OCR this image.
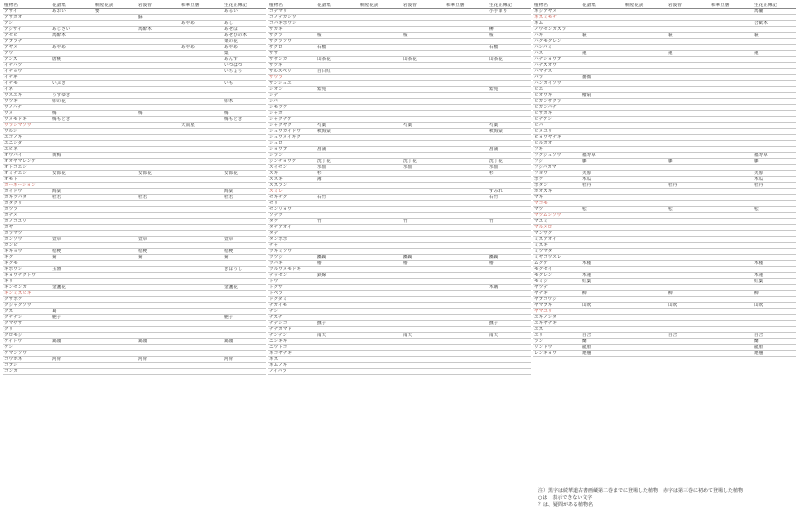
植物名	花譜集	桐屋花訣	岩波曾	和華旦膳	生花正傳記
アサイ	あおい	要			あるい
アサガオ			蘇		
アシ				あやめ	あし
アジサイ	あじさい		馬酔木		あせぼ
アセビ	馬酔木				あせびの木
アブラナ					菜の花
アヤメ	あやめ			あやめ	あやめ
アワ					粟
アンズ	唐桃				あんず
イチハツ					いつはつ
イチョウ					いちょう
イチヰ					
イチモ	いぶき				いも
イネ					
ウスユキ	うすゆき				
ウツギ	卯の花				卯木
ウノハナ					
ウメ	梅		梅		梅
ウメモドキ	梅もどき				梅もどき
ウラシマソウ				天南星	
ウルシ					
エゴノキ					
エニシダ					
エビネ					
オウバイ	黄梅				
オオヤマレンゲ					
オトコエシ					
オミナエシ	女郎花		女郎花		女郎花
オモト					
カーネーション					
カイドウ	海棠				海棠
カキツバタ	杜若		杜若		杜若
カタクリ					
カツラ					
カナメ					
カノコユリ					
カヤ					
カラマツ					
カンゾウ	萱草		萱草		萱草
ガンピ					
キキョウ	桔梗		桔梗		桔梗
キク	菊		菊		菊
キクモ					
ギボウシ	玉簪				ぎぼうし
キョウチクトウ					
キリ					
キンセンカ	金盞花				金盞花
キンミズヒキ					
クサボケ					
クジャクソウ					
クズ	葛				
クチナシ	梔子				梔子
クマザサ					
クリ					
クロモジ					
ケイトウ	鶏頭		鶏頭		鶏頭
ケシ					
ケマンソウ					
コウホネ	河骨		河骨		河骨
コブシ					
ゴンカ					
植物名	花譜集	桐屋花訣	岩波曾	和華旦膳	生花正傳記
コデマリ					小手まり
コノテガシワ					
コバギボウシ					
サカキ					榊
サクラ	桜		桜		桜
サクラソウ					
ザクロ	石榴				石榴
ササ					
サザンカ	山茶花		山茶花		山茶花
サツキ					
サルスベリ	百日紅				
サワラ					
サンシュユ					
シオン	紫苑				紫苑
シデ					
シバ					
シモツケ					
シャガ					
シャクナゲ					
シャクヤク	芍薬		芍薬		芍薬
シュウカイドウ	秋海棠				秋海棠
シュウメイギク					
シュロ					
ショウブ	菖蒲				菖蒲
シラン					
ジンチョウゲ	沈丁花		沈丁花		沈丁花
スイセン	水仙		水仙		水仙
スギ	杉				杉
ススキ	薄				
スズラン					
スミレ					すみれ
セキチク	石竹				石竹
セリ					
センリョウ					
ソテツ					
タケ	竹		竹		竹
タチアオイ					
タデ					
タンポポ					
チャ					
ツキミソウ					
ツツジ	躑躅		躑躅		躑躅
ツバキ	椿		椿		椿
ツルウメモドキ					
テッセン	鉄線				
トウ					
トクサ					木賊
トベラ					
ドクダミ					
ナガイモ					
ナシ					
ナズナ					
ナデシコ	撫子				撫子
ナナカマド					
ナンテン	南天		南天		南天
ニシキギ					
ニワトコ					
ネコヤナギ					
ネズ					
ネムノキ					
ノイバラ					
植物名	花譜集	桐屋花訣	岩波曾	和華旦膳	生花正傳記
ネジアヤメ					馬藺
ネズミモチ					
ネム					合歓木
ノウゼンカズラ					
ハギ	萩		萩		萩
ハクモクレン					
ハシバミ					
ハス	蓮		蓮		蓮
ハナショウブ					
ハナズオウ					
ハマナス					
バラ	薔薇				
ハンカイソウ					
ヒエ					
ヒオウギ	檜扇				
ヒガンザクラ					
ヒガンバナ					
ヒサカキ					
ヒナゲシ					
ヒバ					
ヒメユリ					
ビョウヤナギ					
ヒルガオ					
フキ					
フクジュソウ	福寿草				福寿草
フジ	藤		藤		藤
フジバカマ					
フヨウ	芙蓉				芙蓉
ボケ	木瓜				木瓜
ボタン	牡丹		牡丹		牡丹
ホオズキ					
マキ					
マコモ					
マツ	松		松		松
マツムシソウ					
マユミ					
マルメロ					
マンサク					
ミズアオイ					
ミズキ					
ミツマタ					
ミヤコワスレ					
ムクゲ	木槿				木槿
モクセイ					
モクレン	木蓮				木蓮
モミジ	紅葉				紅葉
ヤツデ					
ヤナギ	柳		柳		柳
ヤブコウジ					
ヤマブキ	山吹		山吹		山吹
ヤマユリ					
ユキノシタ					
ユキヤナギ					
ユズ					
ユリ	百合		百合		百合
ラン	蘭				蘭
リンドウ	龍胆				龍胆
レンギョウ	連翹				連翹
注）黒字は続華道古書画蔵第二巻までに登場した植物　赤字は第三巻に初めて登場した植物
○は　表示できない文字
？は、疑問がある植物名
